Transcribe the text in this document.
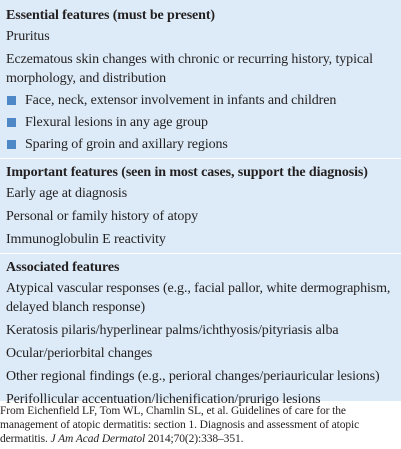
Essential features (must be present)
Pruritus
Eczematous skin changes with chronic or recurring history, typical morphology, and distribution
Face, neck, extensor involvement in infants and children
Flexural lesions in any age group
Sparing of groin and axillary regions
Important features (seen in most cases, support the diagnosis)
Early age at diagnosis
Personal or family history of atopy
Immunoglobulin E reactivity
Associated features
Atypical vascular responses (e.g., facial pallor, white dermographism, delayed blanch response)
Keratosis pilaris/hyperlinear palms/ichthyosis/pityriasis alba
Ocular/periorbital changes
Other regional findings (e.g., perioral changes/periauricular lesions)
Perifollicular accentuation/lichenification/prurigo lesions
From Eichenfield LF, Tom WL, Chamlin SL, et al. Guidelines of care for the management of atopic dermatitis: section 1. Diagnosis and assessment of atopic dermatitis. J Am Acad Dermatol 2014;70(2):338–351.
